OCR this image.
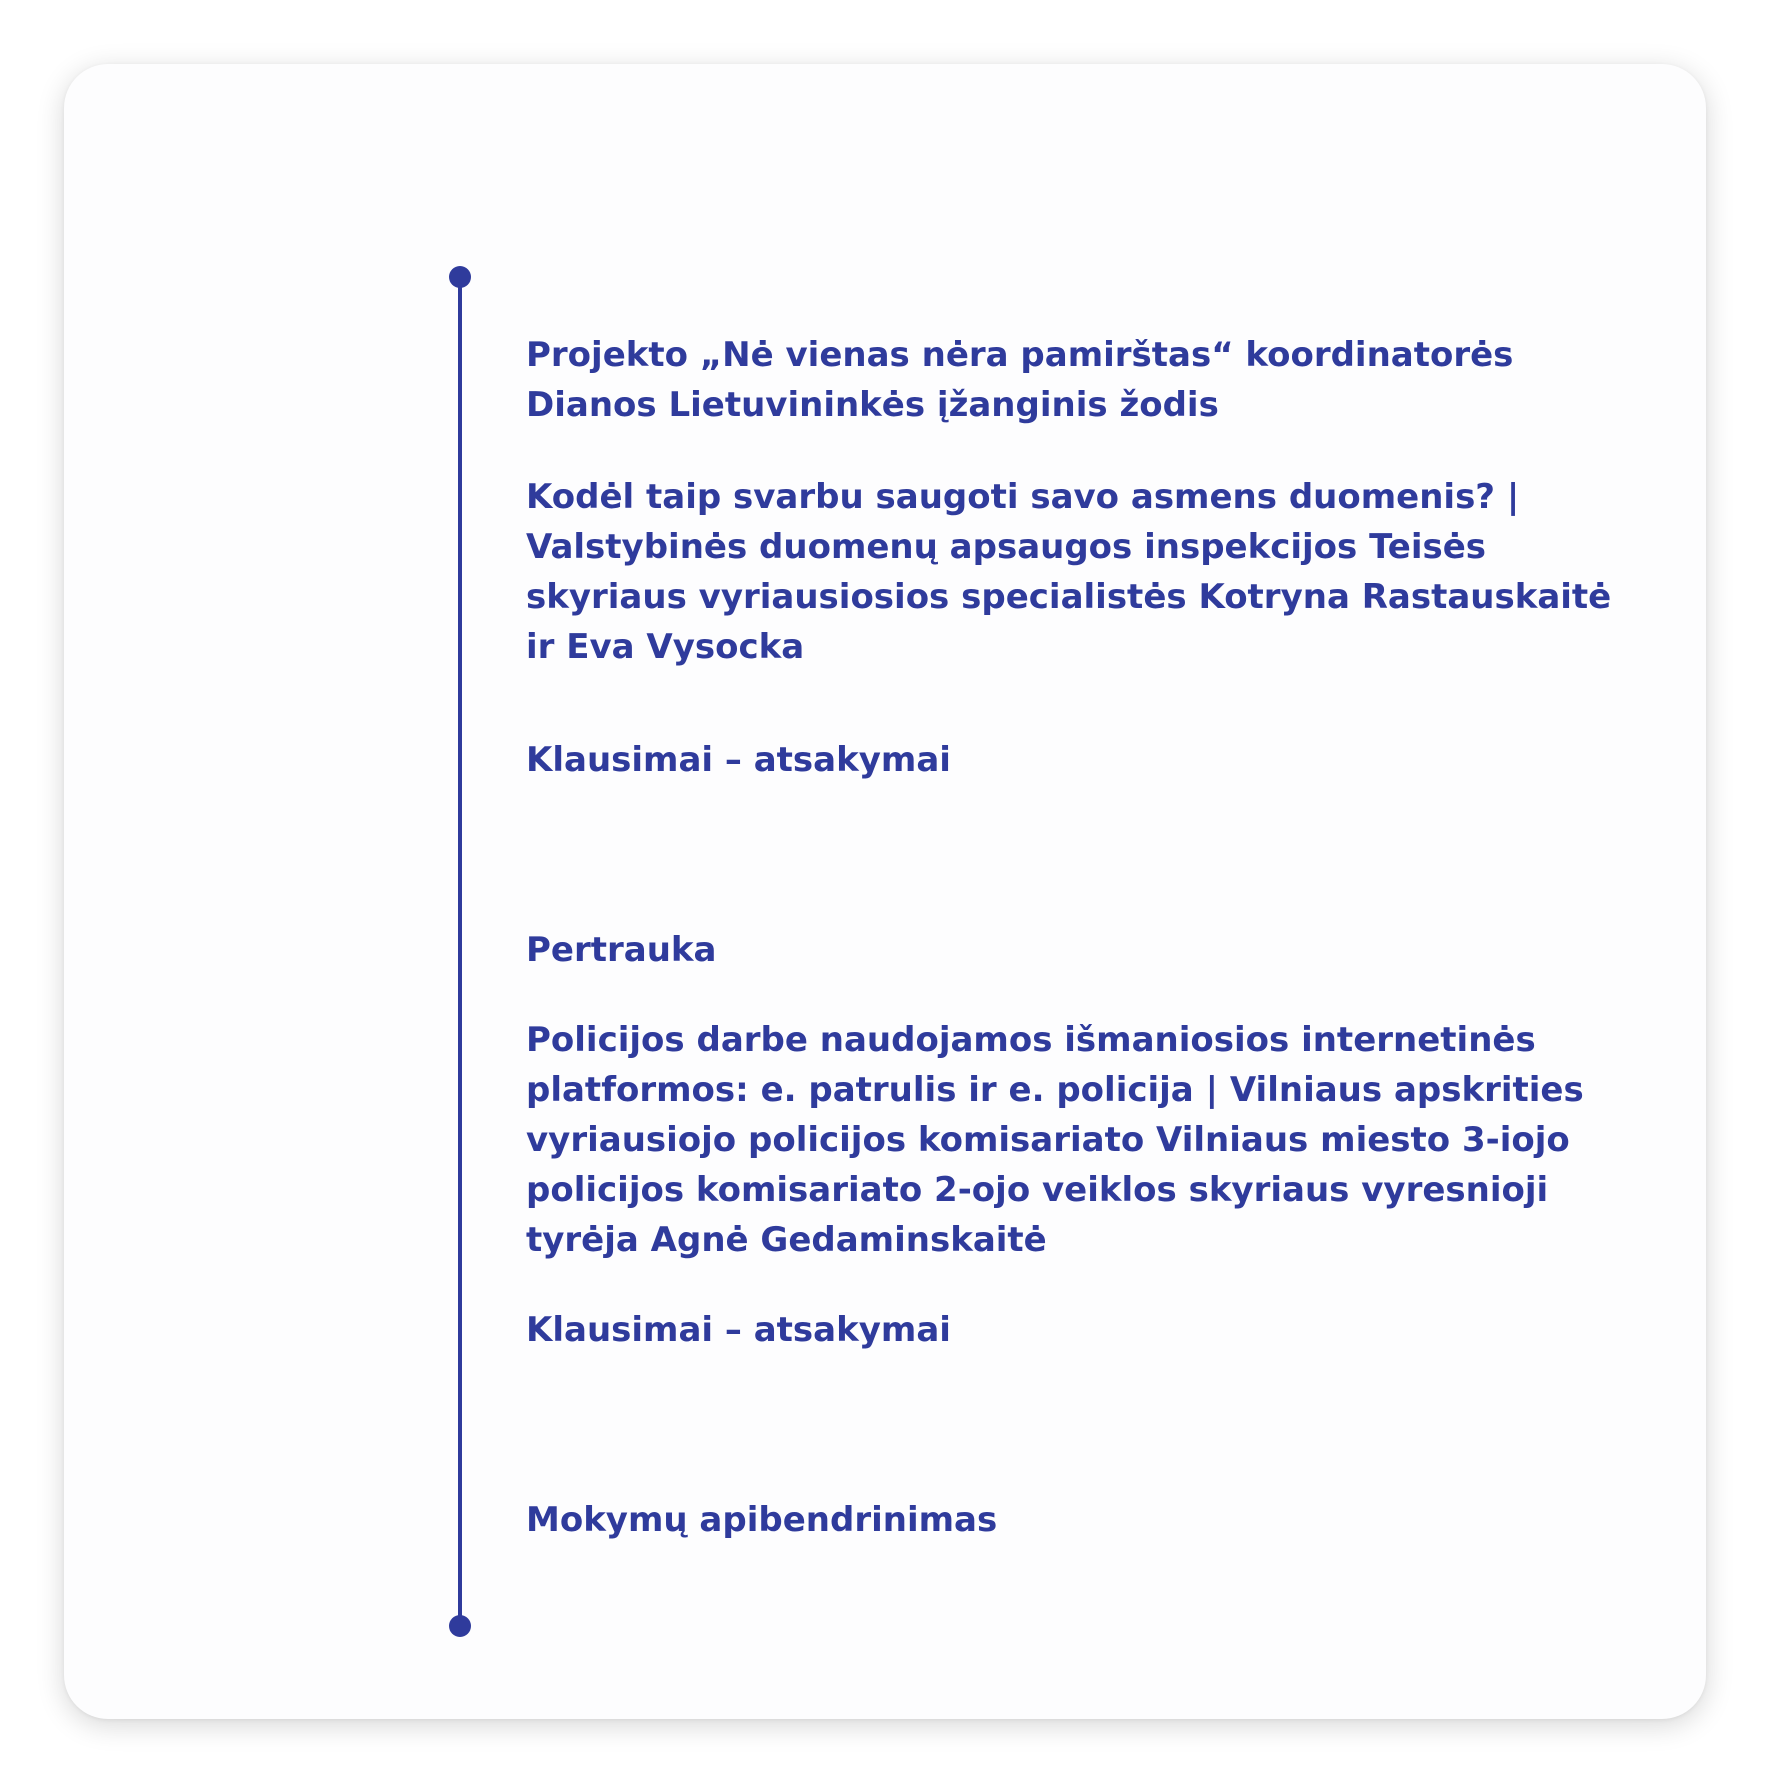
Projekto „Nė vienas nėra pamirštas“ koordinatorės Dianos Lietuvininkės įžanginis žodis

Kodėl taip svarbu saugoti savo asmens duomenis? | Valstybinės duomenų apsaugos inspekcijos Teisės skyriaus vyriausiosios specialistės Kotryna Rastauskaitė ir Eva Vysocka

Klausimai – atsakymai

Pertrauka

Policijos darbe naudojamos išmaniosios internetinės platformos: e. patrulis ir e. policija | Vilniaus apskrities vyriausiojo policijos komisariato Vilniaus miesto 3-iojo policijos komisariato 2-ojo veiklos skyriaus vyresnioji tyrėja Agnė Gedaminskaitė

Klausimai – atsakymai

Mokymų apibendrinimas
